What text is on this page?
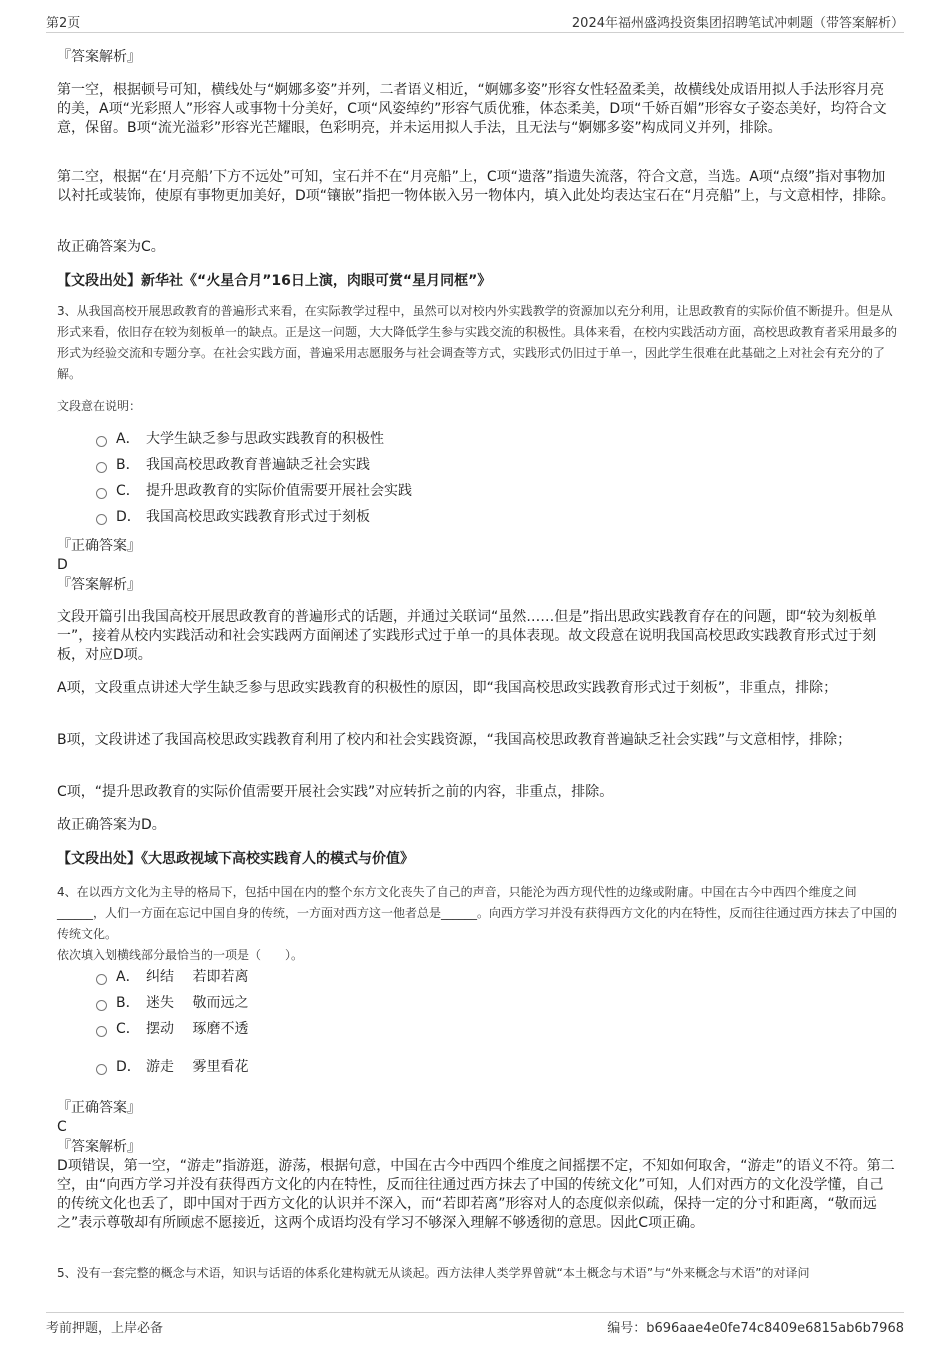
第2页	2024年福州盛鸿投资集团招聘笔试冲刺题（带答案解析）
『答案解析』
第一空，根据顿号可知，横线处与“婀娜多姿”并列，二者语义相近，“婀娜多姿”形容女性轻盈柔美，故横线处成语用拟人手法形容月亮的美，A项“光彩照人”形容人或事物十分美好，C项“风姿绰约”形容气质优雅，体态柔美，D项“千娇百媚”形容女子姿态美好，均符合文意，保留。B项“流光溢彩”形容光芒耀眼，色彩明亮，并未运用拟人手法，且无法与“婀娜多姿”构成同义并列，排除。
第二空，根据“在‘月亮船’下方不远处”可知，宝石并不在“月亮船”上，C项“遗落”指遗失流落，符合文意，当选。A项“点缀”指对事物加以衬托或装饰，使原有事物更加美好，D项“镶嵌”指把一物体嵌入另一物体内，填入此处均表达宝石在“月亮船”上，与文意相悖，排除。
故正确答案为C。
【文段出处】新华社《“火星合月”16日上演，肉眼可赏“星月同框”》
3、从我国高校开展思政教育的普遍形式来看，在实际教学过程中，虽然可以对校内外实践教学的资源加以充分利用，让思政教育的实际价值不断提升。但是从形式来看，依旧存在较为刻板单一的缺点。正是这一问题，大大降低学生参与实践交流的积极性。具体来看，在校内实践活动方面，高校思政教育者采用最多的形式为经验交流和专题分享。在社会实践方面，普遍采用志愿服务与社会调查等方式，实践形式仍旧过于单一，因此学生很难在此基础之上对社会有充分的了解。
文段意在说明：
A． 大学生缺乏参与思政实践教育的积极性
B． 我国高校思政教育普遍缺乏社会实践
C． 提升思政教育的实际价值需要开展社会实践
D． 我国高校思政实践教育形式过于刻板
『正确答案』
D
『答案解析』
文段开篇引出我国高校开展思政教育的普遍形式的话题，并通过关联词“虽然……但是”指出思政实践教育存在的问题，即“较为刻板单一”，接着从校内实践活动和社会实践两方面阐述了实践形式过于单一的具体表现。故文段意在说明我国高校思政实践教育形式过于刻板，对应D项。
A项，文段重点讲述大学生缺乏参与思政实践教育的积极性的原因，即“我国高校思政实践教育形式过于刻板”，非重点，排除；
B项，文段讲述了我国高校思政实践教育利用了校内和社会实践资源，“我国高校思政教育普遍缺乏社会实践”与文意相悖，排除；
C项，“提升思政教育的实际价值需要开展社会实践”对应转折之前的内容，非重点，排除。
故正确答案为D。
【文段出处】《大思政视域下高校实践育人的模式与价值》
4、在以西方文化为主导的格局下，包括中国在内的整个东方文化丧失了自己的声音，只能沦为西方现代性的边缘或附庸。中国在古今中西四个维度之间______，人们一方面在忘记中国自身的传统，一方面对西方这一他者总是______。向西方学习并没有获得西方文化的内在特性，反而往往通过西方抹去了中国的传统文化。
依次填入划横线部分最恰当的一项是（　　）。
A． 纠结　 若即若离
B． 迷失　 敬而远之
C． 摆动　 琢磨不透
D． 游走　 雾里看花
『正确答案』
C
『答案解析』
D项错误，第一空，“游走”指游逛，游荡，根据句意，中国在古今中西四个维度之间摇摆不定，不知如何取舍，“游走”的语义不符。第二空，由“向西方学习并没有获得西方文化的内在特性，反而往往通过西方抹去了中国的传统文化”可知，人们对西方的文化没学懂，自己的传统文化也丢了，即中国对于西方文化的认识并不深入，而“若即若离”形容对人的态度似亲似疏，保持一定的分寸和距离，“敬而远之”表示尊敬却有所顾虑不愿接近，这两个成语均没有学习不够深入理解不够透彻的意思。因此C项正确。
5、没有一套完整的概念与术语，知识与话语的体系化建构就无从谈起。西方法律人类学界曾就“本土概念与术语”与“外来概念与术语”的对译问
考前押题，上岸必备	编号：b696aae4e0fe74c8409e6815ab6b7968
